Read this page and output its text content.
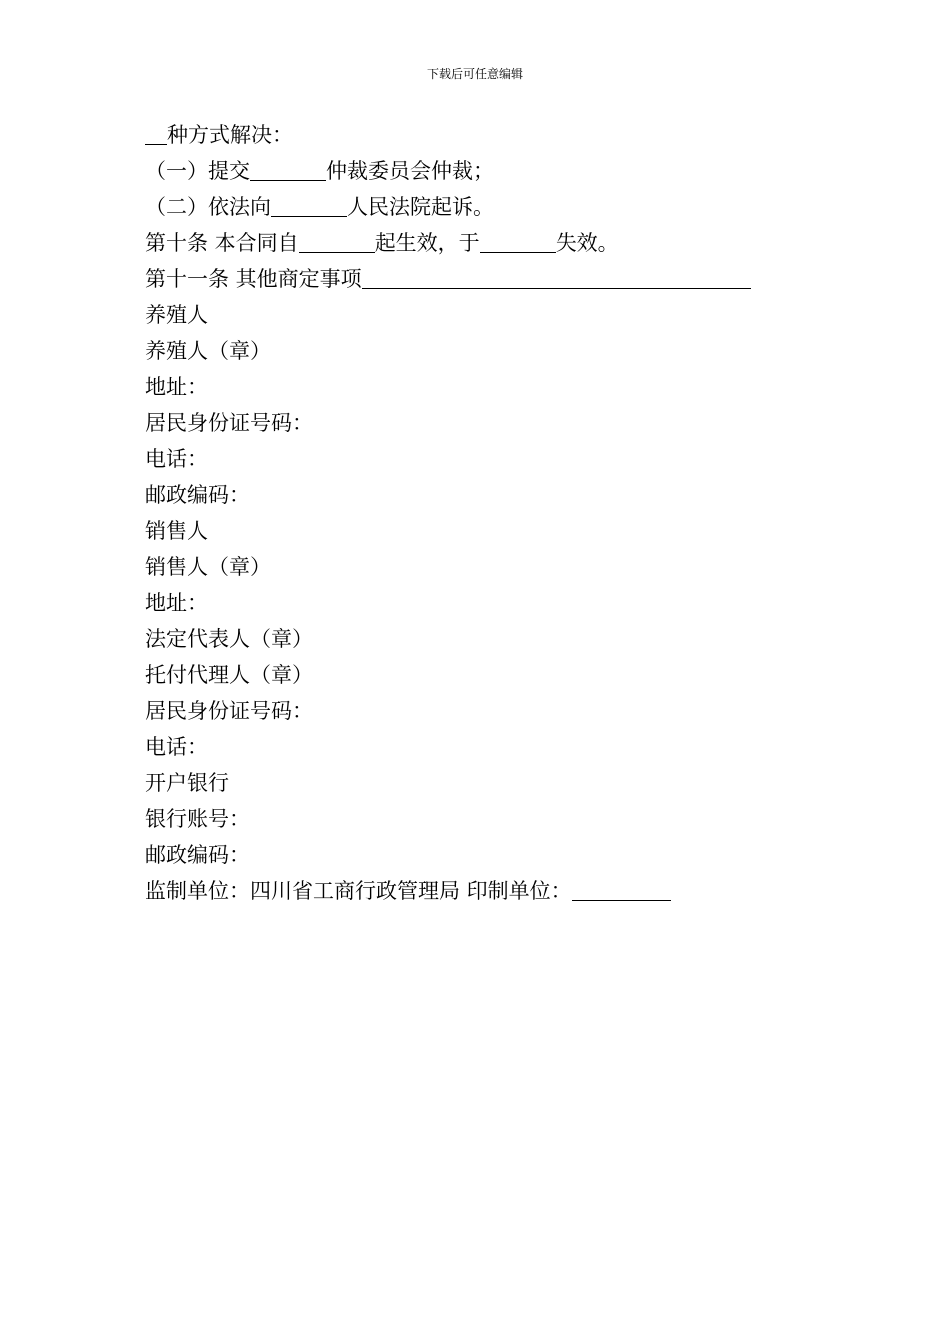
下载后可任意编辑
种方式解决：
（一）提交	仲裁委员会仲裁；
（二）依法向	人民法院起诉。
第十条 本合同自	起生效，于	失效。
第十一条 其他商定事项
养殖人
养殖人（章）
地址：
居民身份证号码：
电话：
邮政编码：
销售人
销售人（章）
地址：
法定代表人（章）
托付代理人（章）
居民身份证号码：
电话：
开户银行
银行账号：
邮政编码：
监制单位：四川省工商行政管理局 印制单位：
